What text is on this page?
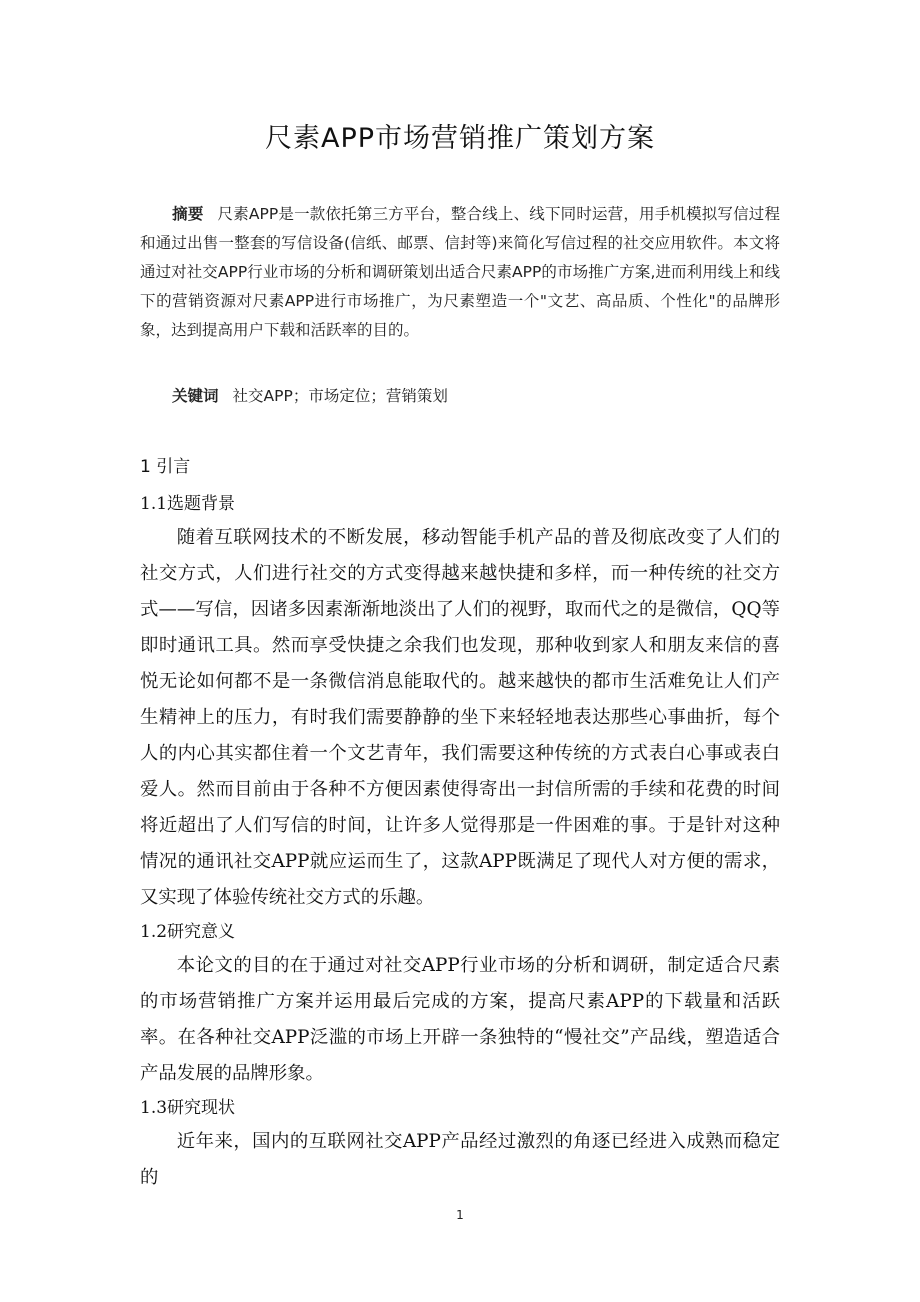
尺素APP市场营销推广策划方案
摘要 尺素APP是一款依托第三方平台，整合线上、线下同时运营，用手机模拟写信过程和通过出售一整套的写信设备(信纸、邮票、信封等)来简化写信过程的社交应用软件。本文将通过对社交APP行业市场的分析和调研策划出适合尺素APP的市场推广方案,进而利用线上和线下的营销资源对尺素APP进行市场推广，为尺素塑造一个"文艺、高品质、个性化"的品牌形象，达到提高用户下载和活跃率的目的。
关键词 社交APP；市场定位；营销策划
1 引言
1.1选题背景

随着互联网技术的不断发展，移动智能手机产品的普及彻底改变了人们的社交方式，人们进行社交的方式变得越来越快捷和多样，而一种传统的社交方式——写信，因诸多因素渐渐地淡出了人们的视野，取而代之的是微信，QQ等即时通讯工具。然而享受快捷之余我们也发现，那种收到家人和朋友来信的喜悦无论如何都不是一条微信消息能取代的。越来越快的都市生活难免让人们产生精神上的压力，有时我们需要静静的坐下来轻轻地表达那些心事曲折，每个人的内心其实都住着一个文艺青年，我们需要这种传统的方式表白心事或表白爱人。然而目前由于各种不方便因素使得寄出一封信所需的手续和花费的时间将近超出了人们写信的时间，让许多人觉得那是一件困难的事。于是针对这种情况的通讯社交APP就应运而生了，这款APP既满足了现代人对方便的需求，又实现了体验传统社交方式的乐趣。

1.2研究意义

本论文的目的在于通过对社交APP行业市场的分析和调研，制定适合尺素的市场营销推广方案并运用最后完成的方案，提高尺素APP的下载量和活跃率。在各种社交APP泛滥的市场上开辟一条独特的“慢社交”产品线，塑造适合产品发展的品牌形象。

1.3研究现状

近年来，国内的互联网社交APP产品经过激烈的角逐已经进入成熟而稳定的

1
